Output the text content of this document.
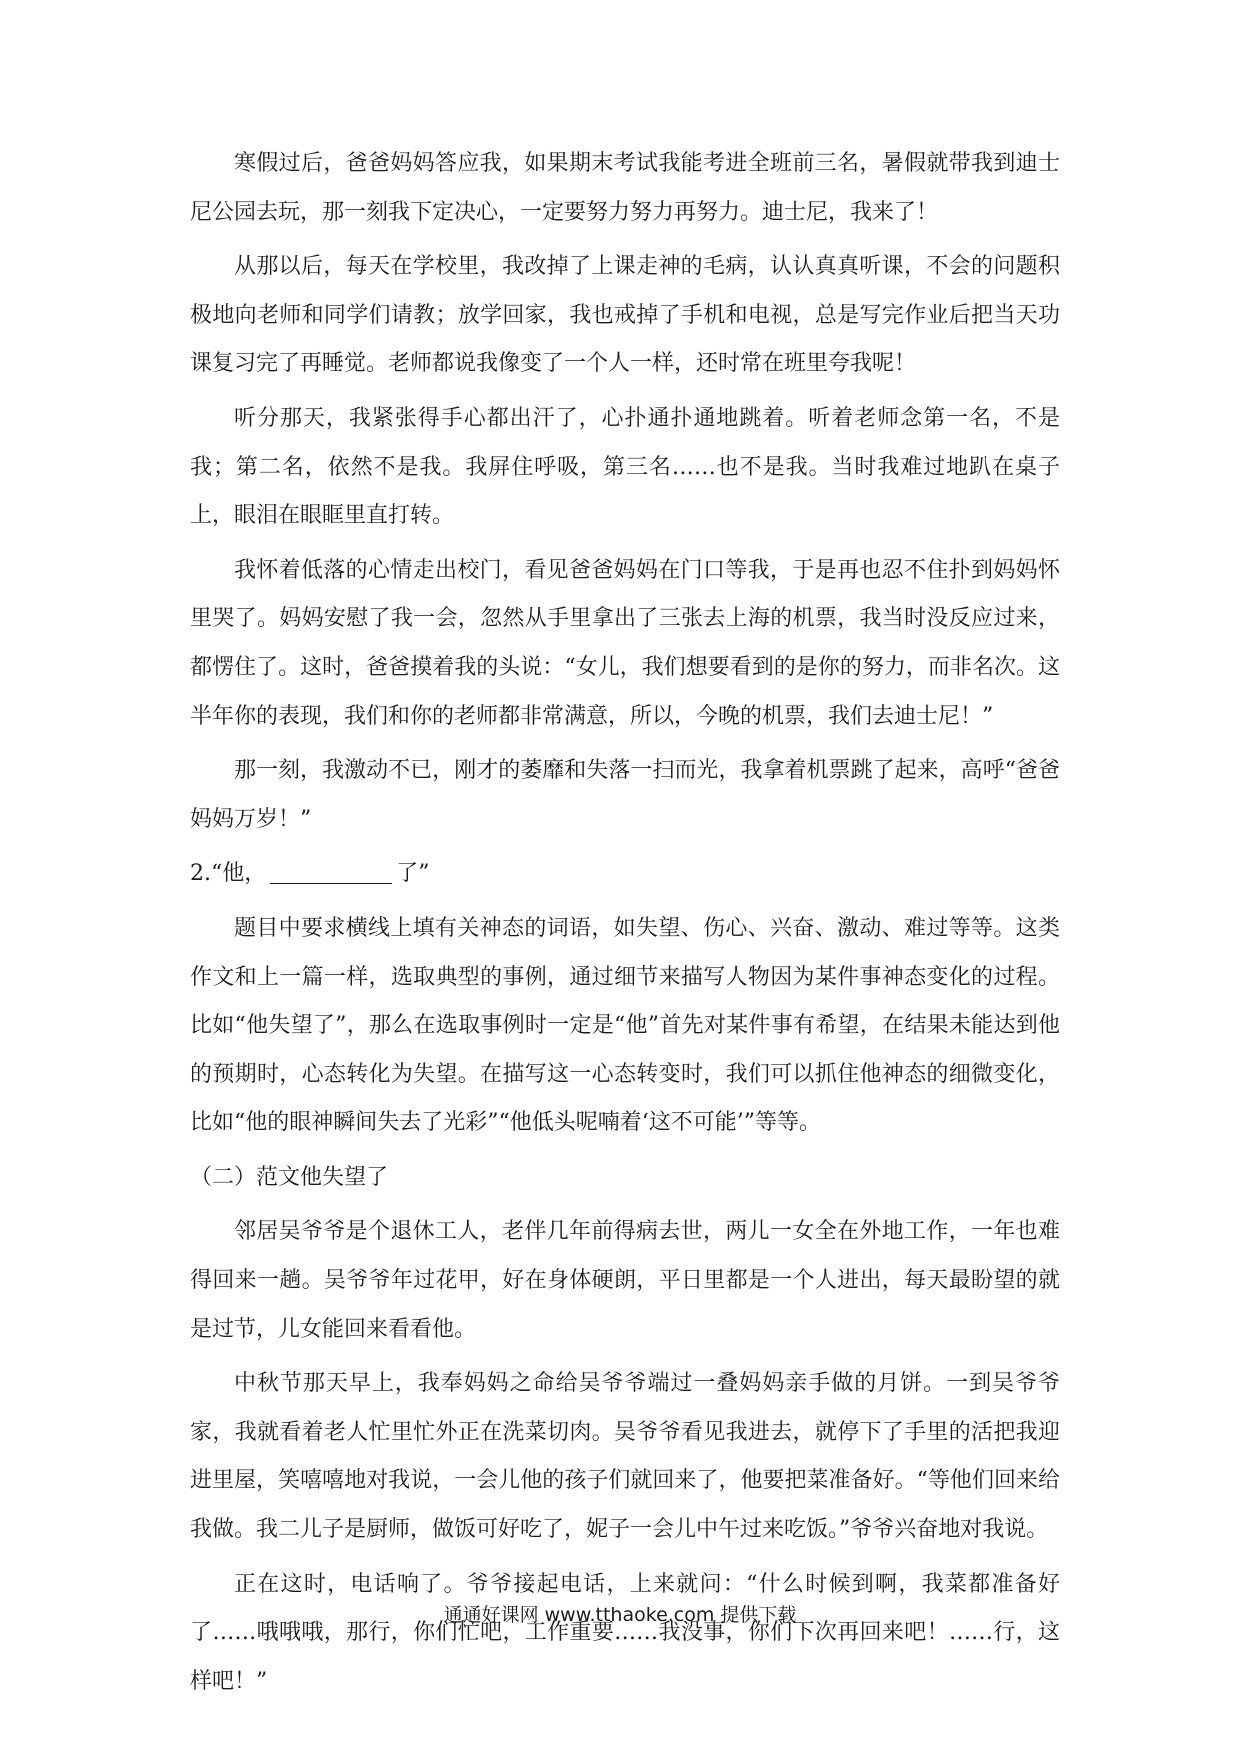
寒假过后，爸爸妈妈答应我，如果期末考试我能考进全班前三名，暑假就带我到迪士尼公园去玩，那一刻我下定决心，一定要努力努力再努力。迪士尼，我来了！

从那以后，每天在学校里，我改掉了上课走神的毛病，认认真真听课，不会的问题积极地向老师和同学们请教；放学回家，我也戒掉了手机和电视，总是写完作业后把当天功课复习完了再睡觉。老师都说我像变了一个人一样，还时常在班里夸我呢！

听分那天，我紧张得手心都出汗了，心扑通扑通地跳着。听着老师念第一名，不是我；第二名，依然不是我。我屏住呼吸，第三名……也不是我。当时我难过地趴在桌子上，眼泪在眼眶里直打转。

我怀着低落的心情走出校门，看见爸爸妈妈在门口等我，于是再也忍不住扑到妈妈怀里哭了。妈妈安慰了我一会，忽然从手里拿出了三张去上海的机票，我当时没反应过来，都愣住了。这时，爸爸摸着我的头说：“女儿，我们想要看到的是你的努力，而非名次。这半年你的表现，我们和你的老师都非常满意，所以，今晚的机票，我们去迪士尼！”

那一刻，我激动不已，刚才的萎靡和失落一扫而光，我拿着机票跳了起来，高呼“爸爸妈妈万岁！”

2.“他，	了”

题目中要求横线上填有关神态的词语，如失望、伤心、兴奋、激动、难过等等。这类作文和上一篇一样，选取典型的事例，通过细节来描写人物因为某件事神态变化的过程。比如“他失望了”，那么在选取事例时一定是“他”首先对某件事有希望，在结果未能达到他的预期时，心态转化为失望。在描写这一心态转变时，我们可以抓住他神态的细微变化，比如“他的眼神瞬间失去了光彩”“他低头呢喃着‘这不可能’”等等。

（二）范文他失望了

邻居吴爷爷是个退休工人，老伴几年前得病去世，两儿一女全在外地工作，一年也难得回来一趟。吴爷爷年过花甲，好在身体硬朗，平日里都是一个人进出，每天最盼望的就是过节，儿女能回来看看他。

中秋节那天早上，我奉妈妈之命给吴爷爷端过一叠妈妈亲手做的月饼。一到吴爷爷家，我就看着老人忙里忙外正在洗菜切肉。吴爷爷看见我进去，就停下了手里的活把我迎进里屋，笑嘻嘻地对我说，一会儿他的孩子们就回来了，他要把菜准备好。“等他们回来给我做。我二儿子是厨师，做饭可好吃了，妮子一会儿中午过来吃饭。”爷爷兴奋地对我说。

正在这时，电话响了。爷爷接起电话，上来就问：“什么时候到啊，我菜都准备好了……哦哦哦，那行，你们忙吧，工作重要……我没事，你们下次再回来吧！……行，这样吧！”

通通好课网 www.tthaoke.com 提供下载
